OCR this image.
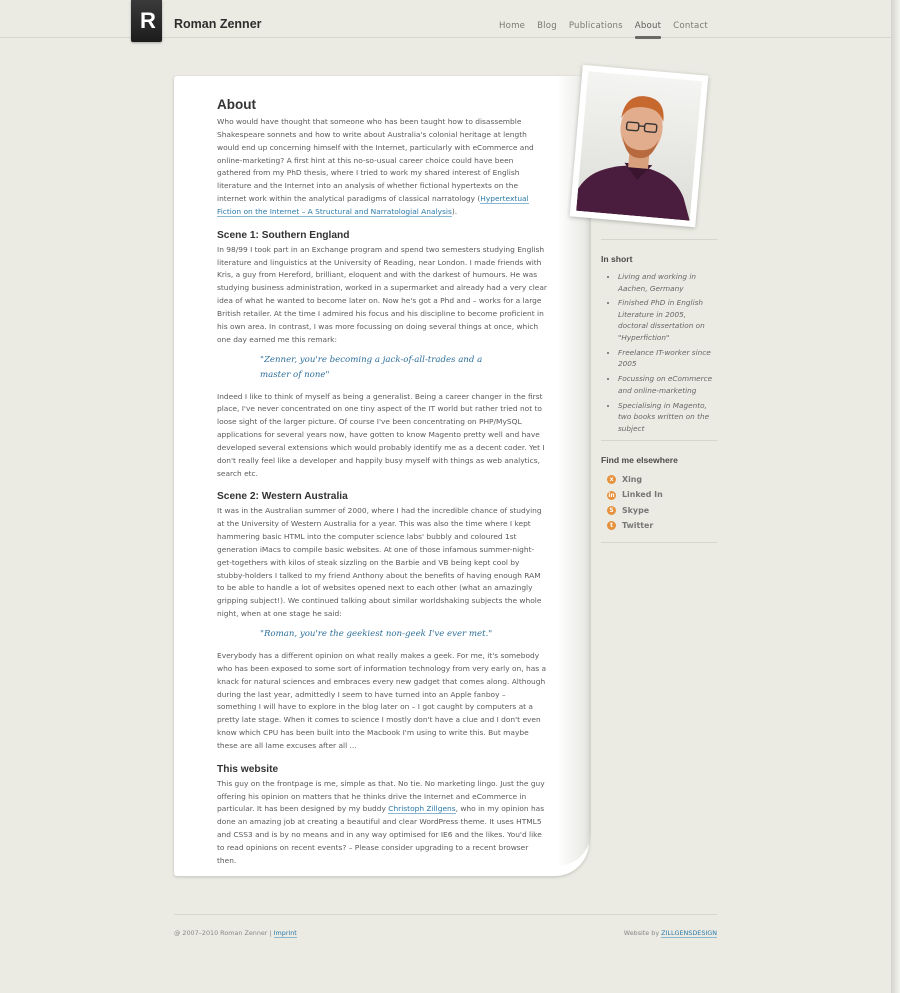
R	Roman Zenner	Home Blog Publications About Contact
About

Who would have thought that someone who has been taught how to disassemble Shakespeare sonnets and how to write about Australia's colonial heritage at length would end up concerning himself with the Internet, particularly with eCommerce and online-marketing? A first hint at this no-so-usual career choice could have been gathered from my PhD thesis, where I tried to work my shared interest of English literature and the Internet into an analysis of whether fictional hypertexts on the internet work within the analytical paradigms of classical narratology (Hypertextual Fiction on the Internet – A Structural and Narratologial Analysis).

Scene 1: Southern England

In 98/99 I took part in an Exchange program and spend two semesters studying English literature and linguistics at the University of Reading, near London. I made friends with Kris, a guy from Hereford, brilliant, eloquent and with the darkest of humours. He was studying business administration, worked in a supermarket and already had a very clear idea of what he wanted to become later on. Now he's got a Phd and – works for a large British retailer. At the time I admired his focus and his discipline to become proficient in his own area. In contrast, I was more focussing on doing several things at once, which one day earned me this remark:

"Zenner, you're becoming a jack-of-all-trades and a master of none"

Indeed I like to think of myself as being a generalist. Being a career changer in the first place, I've never concentrated on one tiny aspect of the IT world but rather tried not to loose sight of the larger picture. Of course I've been concentrating on PHP/MySQL applications for several years now, have gotten to know Magento pretty well and have developed several extensions which would probably identify me as a decent coder. Yet I don't really feel like a developer and happily busy myself with things as web analytics, search etc.

Scene 2: Western Australia

It was in the Australian summer of 2000, where I had the incredible chance of studying at the University of Western Australia for a year. This was also the time where I kept hammering basic HTML into the computer science labs' bubbly and coloured 1st generation iMacs to compile basic websites. At one of those infamous summer-night-get-togethers with kilos of steak sizzling on the Barbie and VB being kept cool by stubby-holders I talked to my friend Anthony about the benefits of having enough RAM to be able to handle a lot of websites opened next to each other (what an amazingly gripping subject!). We continued talking about similar worldshaking subjects the whole night, when at one stage he said:

"Roman, you're the geekiest non-geek I've ever met."

Everybody has a different opinion on what really makes a geek. For me, it's somebody who has been exposed to some sort of information technology from very early on, has a knack for natural sciences and embraces every new gadget that comes along. Although during the last year, admittedly I seem to have turned into an Apple fanboy – something I will have to explore in the blog later on – I got caught by computers at a pretty late stage. When it comes to science I mostly don't have a clue and I don't even know which CPU has been built into the Macbook I'm using to write this. But maybe these are all lame excuses after all ...

This website

This guy on the frontpage is me, simple as that. No tie. No marketing lingo. Just the guy offering his opinion on matters that he thinks drive the Internet and eCommerce in particular. It has been designed by my buddy Christoph Zillgens, who in my opinion has done an amazing job at creating a beautiful and clear WordPress theme. It uses HTML5 and CSS3 and is by no means and in any way optimised for IE6 and the likes. You'd like to read opinions on recent events? – Please consider upgrading to a recent browser then.

In short
• Living and working in Aachen, Germany
• Finished PhD in English Literature in 2005, doctoral dissertation on "Hyperfiction"
• Freelance IT-worker since 2005
• Focussing on eCommerce and online-marketing
• Specialising in Magento, two books written on the subject
Find me elsewhere
x	Xing
in Linked In
S Skype
t	Twitter
@ 2007–2010 Roman Zenner | Imprint	Website by ZILLGENSDESIGN
